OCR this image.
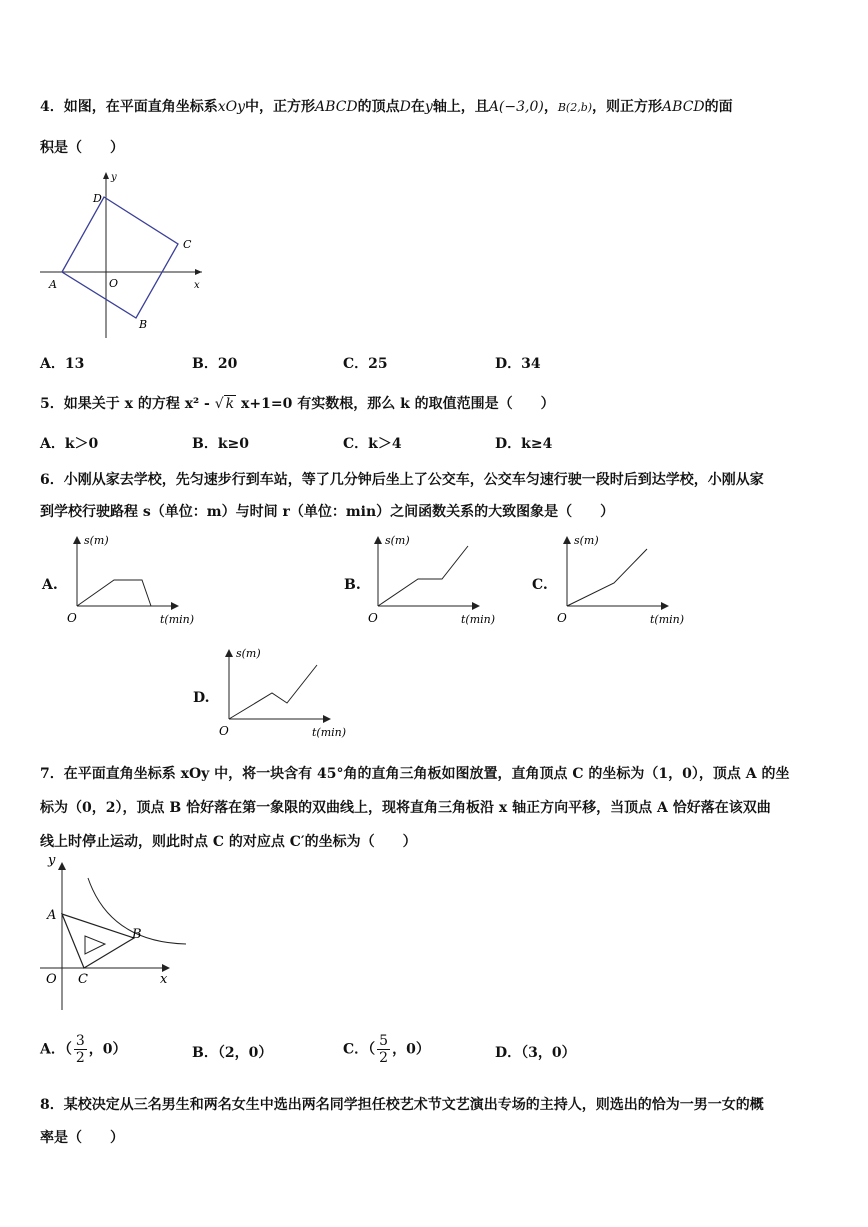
4．如图，在平面直角坐标系xOy中，正方形ABCD的顶点D在y轴上，且A(−3,0)，B(2,b)，则正方形ABCD的面
积是（　　）
D
y
C
A	O	x
B
A．13	B．20	C．25	D．34
5．如果关于 x 的方程 x² - √ k x+1=0 有实数根，那么 k 的取值范围是（　　）
A．k＞0	B．k≥0	C．k＞4	D．k≥4
6．小刚从家去学校，先匀速步行到车站，等了几分钟后坐上了公交车，公交车匀速行驶一段时后到达学校，小刚从家
到学校行驶路程 s（单位：m）与时间 r（单位：min）之间函数关系的大致图象是（　　）
A.
s(m)
O	t(min)
B.
s(m)
O	t(min)
C.
s(m)
O	t(min)
D.
s(m)
O	t(min)
7．在平面直角坐标系 xOy 中，将一块含有 45°角的直角三角板如图放置，直角顶点 C 的坐标为（1，0），顶点 A 的坐
标为（0，2），顶点 B 恰好落在第一象限的双曲线上，现将直角三角板沿 x 轴正方向平移，当顶点 A 恰好落在该双曲
线上时停止运动，则此时点 C 的对应点 C′的坐标为（　　）
y
A
B
O C	x
A．（ $\frac{3}{2}$ ，0）	B．（2，0）	C．（ $\frac{5}{2}$ ，0）	D．（3，0）
8．某校决定从三名男生和两名女生中选出两名同学担任校艺术节文艺演出专场的主持人，则选出的恰为一男一女的概
率是（　　）
